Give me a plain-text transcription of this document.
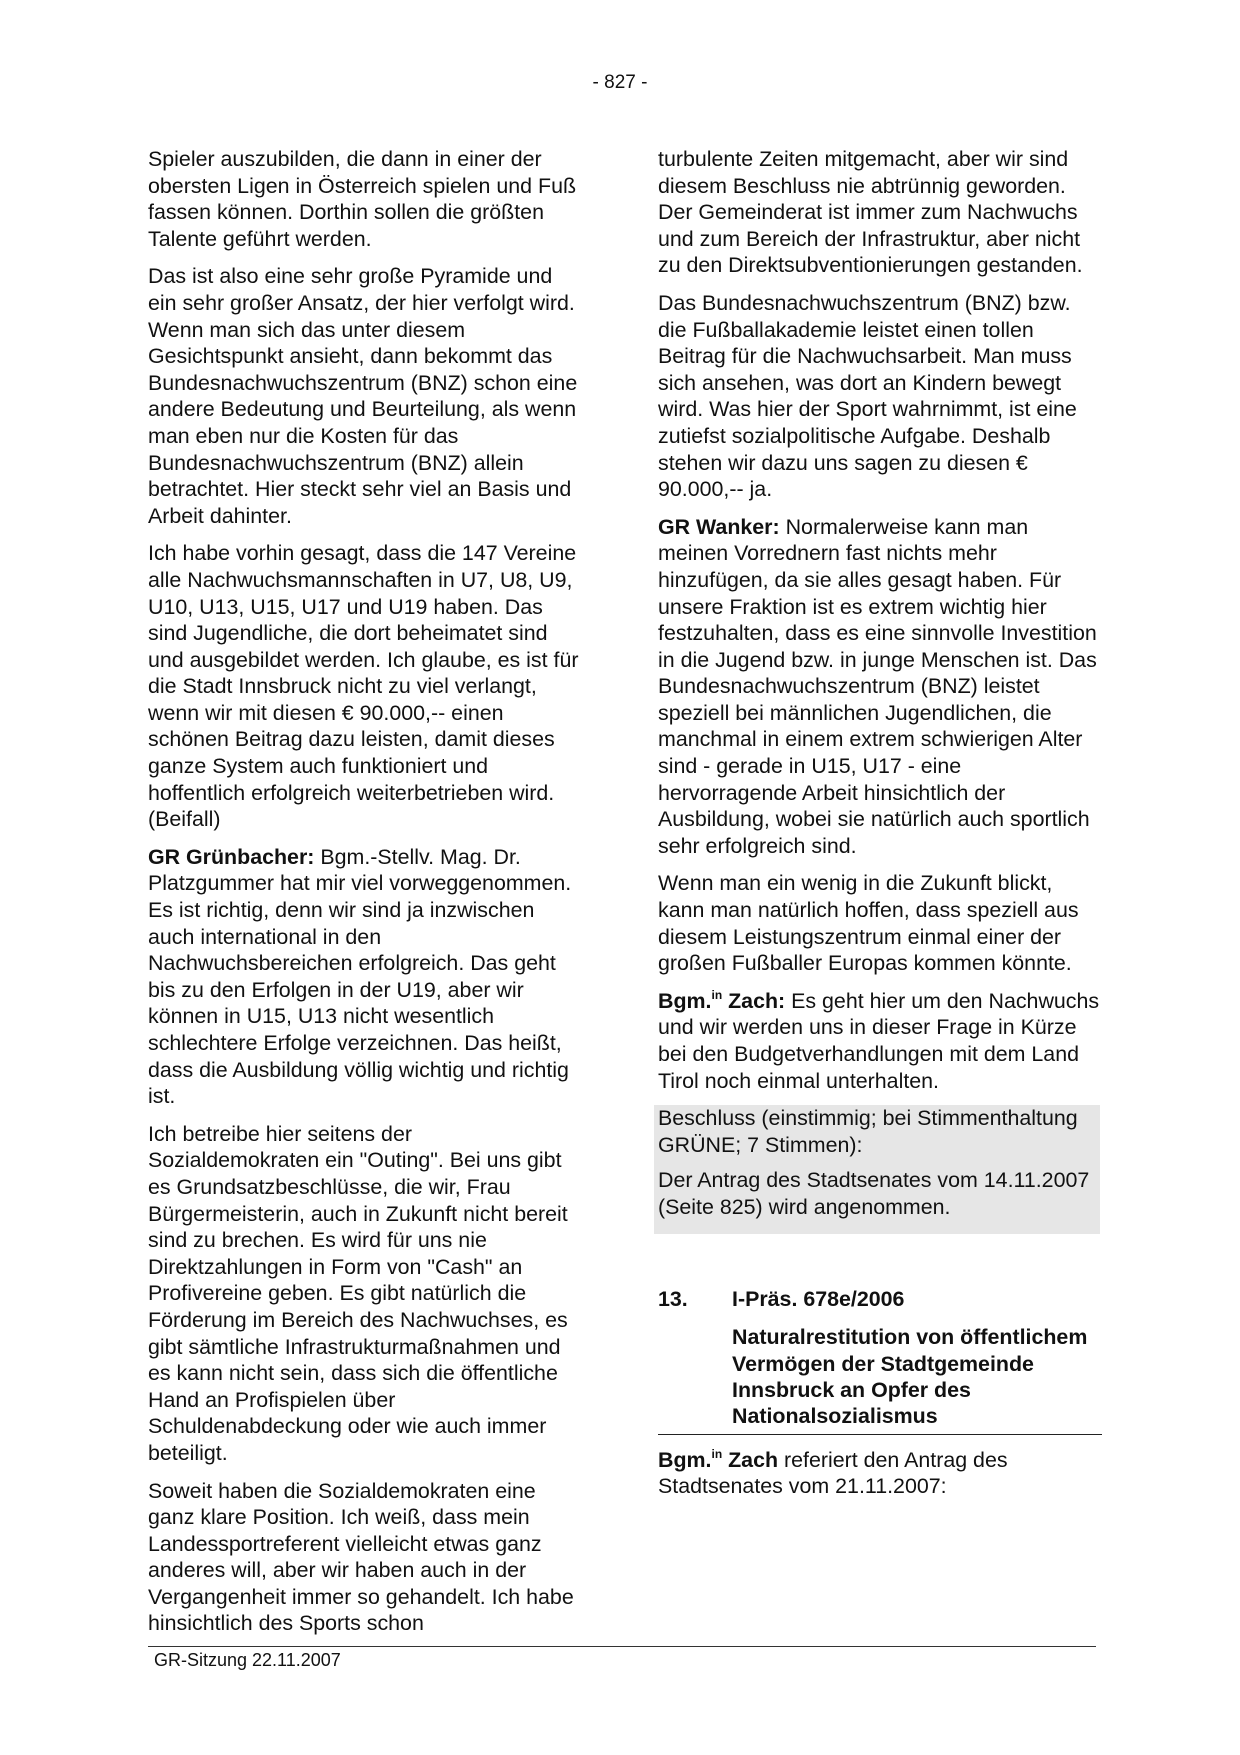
- 827 -

Spieler auszubilden, die dann in einer der obersten Ligen in Österreich spielen und Fuß fassen können. Dorthin sollen die größten Talente geführt werden.

Das ist also eine sehr große Pyramide und ein sehr großer Ansatz, der hier verfolgt wird. Wenn man sich das unter diesem Gesichtspunkt ansieht, dann bekommt das Bundesnachwuchszentrum (BNZ) schon eine andere Bedeutung und Beurteilung, als wenn man eben nur die Kosten für das Bundesnachwuchszentrum (BNZ) allein betrachtet. Hier steckt sehr viel an Basis und Arbeit dahinter.

Ich habe vorhin gesagt, dass die 147 Vereine alle Nachwuchsmannschaften in U7, U8, U9, U10, U13, U15, U17 und U19 haben. Das sind Jugendliche, die dort beheimatet sind und ausgebildet werden. Ich glaube, es ist für die Stadt Innsbruck nicht zu viel verlangt, wenn wir mit diesen € 90.000,-- einen schönen Beitrag dazu leisten, damit dieses ganze System auch funktioniert und hoffentlich erfolgreich weiterbetrieben wird. (Beifall)

GR Grünbacher: Bgm.-Stellv. Mag. Dr. Platzgummer hat mir viel vorweggenommen. Es ist richtig, denn wir sind ja inzwischen auch international in den Nachwuchsbereichen erfolgreich. Das geht bis zu den Erfolgen in der U19, aber wir können in U15, U13 nicht wesentlich schlechtere Erfolge verzeichnen. Das heißt, dass die Ausbildung völlig wichtig und richtig ist.

Ich betreibe hier seitens der Sozialdemokraten ein "Outing". Bei uns gibt es Grundsatzbeschlüsse, die wir, Frau Bürgermeisterin, auch in Zukunft nicht bereit sind zu brechen. Es wird für uns nie Direktzahlungen in Form von "Cash" an Profivereine geben. Es gibt natürlich die Förderung im Bereich des Nachwuchses, es gibt sämtliche Infrastrukturmaßnahmen und es kann nicht sein, dass sich die öffentliche Hand an Profispielen über Schuldenabdeckung oder wie auch immer beteiligt.

Soweit haben die Sozialdemokraten eine ganz klare Position. Ich weiß, dass mein Landessportreferent vielleicht etwas ganz anderes will, aber wir haben auch in der Vergangenheit immer so gehandelt. Ich habe hinsichtlich des Sports schon

turbulente Zeiten mitgemacht, aber wir sind diesem Beschluss nie abtrünnig geworden. Der Gemeinderat ist immer zum Nachwuchs und zum Bereich der Infrastruktur, aber nicht zu den Direktsubventionierungen gestanden.

Das Bundesnachwuchszentrum (BNZ) bzw. die Fußballakademie leistet einen tollen Beitrag für die Nachwuchsarbeit. Man muss sich ansehen, was dort an Kindern bewegt wird. Was hier der Sport wahrnimmt, ist eine zutiefst sozialpolitische Aufgabe. Deshalb stehen wir dazu uns sagen zu diesen € 90.000,-- ja.

GR Wanker: Normalerweise kann man meinen Vorrednern fast nichts mehr hinzufügen, da sie alles gesagt haben. Für unsere Fraktion ist es extrem wichtig hier festzuhalten, dass es eine sinnvolle Investition in die Jugend bzw. in junge Menschen ist. Das Bundesnachwuchszentrum (BNZ) leistet speziell bei männlichen Jugendlichen, die manchmal in einem extrem schwierigen Alter sind - gerade in U15, U17 - eine hervorragende Arbeit hinsichtlich der Ausbildung, wobei sie natürlich auch sportlich sehr erfolgreich sind.

Wenn man ein wenig in die Zukunft blickt, kann man natürlich hoffen, dass speziell aus diesem Leistungszentrum einmal einer der großen Fußballer Europas kommen könnte.

Bgm.$^{in}$ Zach: Es geht hier um den Nachwuchs und wir werden uns in dieser Frage in Kürze bei den Budgetverhandlungen mit dem Land Tirol noch einmal unterhalten.

Beschluss (einstimmig; bei Stimmenthaltung GRÜNE; 7 Stimmen):

Der Antrag des Stadtsenates vom 14.11.2007 (Seite 825) wird angenommen.

13.	I-Präs. 678e/2006
Naturalrestitution von öffentlichem Vermögen der Stadtgemeinde Innsbruck an Opfer des Nationalsozialismus

Bgm.$^{in}$ Zach referiert den Antrag des Stadtsenates vom 21.11.2007:

GR-Sitzung 22.11.2007
